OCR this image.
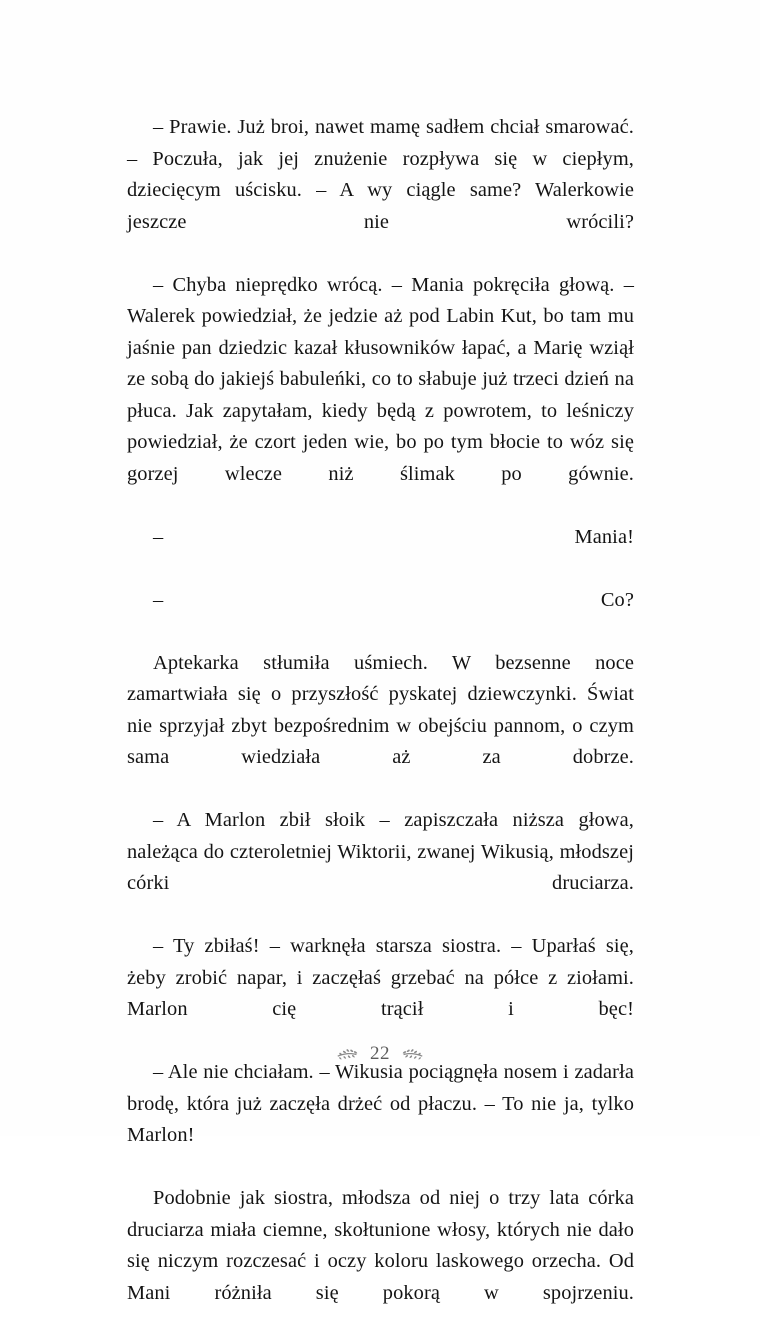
– Prawie. Już broi, nawet mamę sadłem chciał smarować. – Poczuła, jak jej znużenie rozpływa się w ciepłym, dziecięcym uścisku. – A wy ciągle same? Walerkowie jeszcze nie wrócili?

– Chyba nieprędko wrócą. – Mania pokręciła głową. – Walerek powiedział, że jedzie aż pod Labin Kut, bo tam mu jaśnie pan dziedzic kazał kłusowników łapać, a Marię wziął ze sobą do jakiejś babuleńki, co to słabuje już trzeci dzień na płuca. Jak zapytałam, kiedy będą z powrotem, to leśniczy powiedział, że czort jeden wie, bo po tym błocie to wóz się gorzej wlecze niż ślimak po gównie.

– Mania!

– Co?

Aptekarka stłumiła uśmiech. W bezsenne noce zamartwiała się o przyszłość pyskatej dziewczynki. Świat nie sprzyjał zbyt bezpośrednim w obejściu pannom, o czym sama wiedziała aż za dobrze.

– A Marlon zbił słoik – zapiszczała niższa głowa, należąca do czteroletniej Wiktorii, zwanej Wikusią, młodszej córki druciarza.

– Ty zbiłaś! – warknęła starsza siostra. – Uparłaś się, żeby zrobić napar, i zaczęłaś grzebać na półce z ziołami. Marlon cię trącił i bęc!

– Ale nie chciałam. – Wikusia pociągnęła nosem i zadarła brodę, która już zaczęła drżeć od płaczu. – To nie ja, tylko Marlon!

Podobnie jak siostra, młodsza od niej o trzy lata córka druciarza miała ciemne, skołtunione włosy, których nie dało się niczym rozczesać i oczy koloru laskowego orzecha. Od Mani różniła się pokorą w spojrzeniu.

22
